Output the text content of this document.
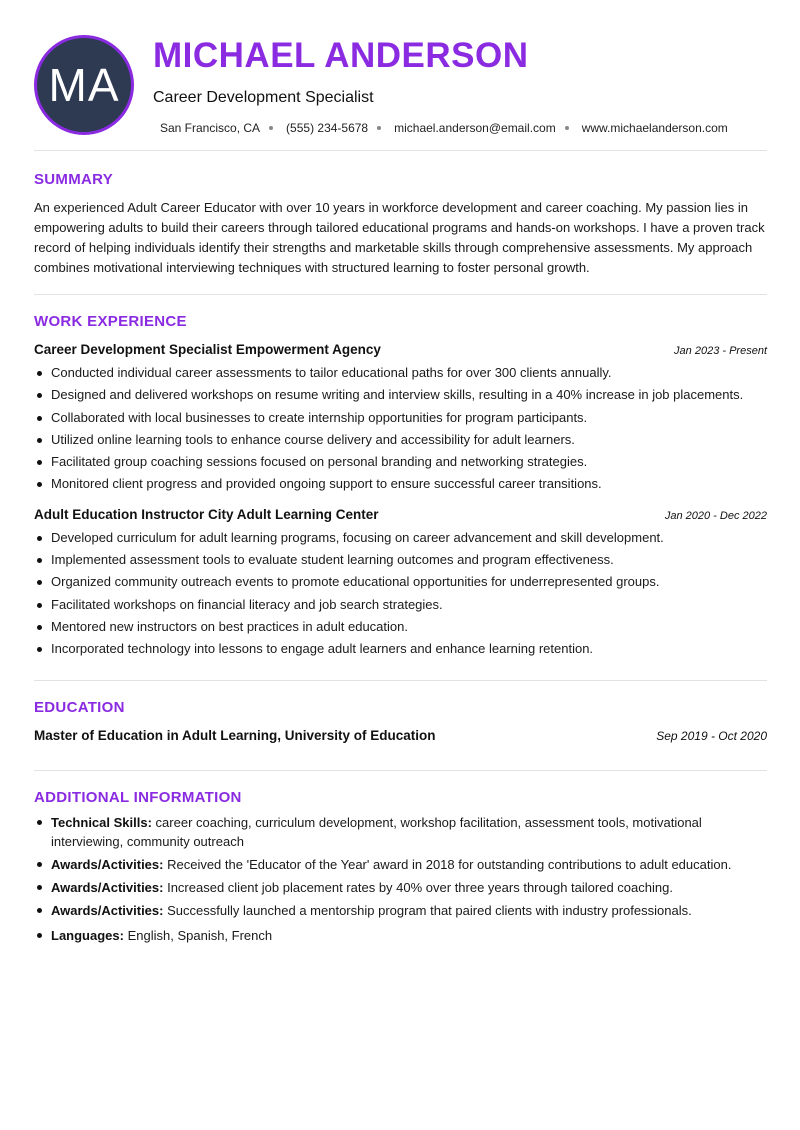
MA
MICHAEL ANDERSON
Career Development Specialist
San Francisco, CA (555) 234-5678 michael.anderson@email.com www.michaelanderson.com
SUMMARY

An experienced Adult Career Educator with over 10 years in workforce development and career coaching. My passion lies in empowering adults to build their careers through tailored educational programs and hands-on workshops. I have a proven track record of helping individuals identify their strengths and marketable skills through comprehensive assessments. My approach combines motivational interviewing techniques with structured learning to foster personal growth.

WORK EXPERIENCE
Career Development Specialist Empowerment Agency	Jan 2023 - Present
Conducted individual career assessments to tailor educational paths for over 300 clients annually.
Designed and delivered workshops on resume writing and interview skills, resulting in a 40% increase in job placements.
Collaborated with local businesses to create internship opportunities for program participants.
Utilized online learning tools to enhance course delivery and accessibility for adult learners.
Facilitated group coaching sessions focused on personal branding and networking strategies.
Monitored client progress and provided ongoing support to ensure successful career transitions.
Adult Education Instructor City Adult Learning Center	Jan 2020 - Dec 2022
Developed curriculum for adult learning programs, focusing on career advancement and skill development.
Implemented assessment tools to evaluate student learning outcomes and program effectiveness.
Organized community outreach events to promote educational opportunities for underrepresented groups.
Facilitated workshops on financial literacy and job search strategies.
Mentored new instructors on best practices in adult education.
Incorporated technology into lessons to engage adult learners and enhance learning retention.
EDUCATION
Master of Education in Adult Learning, University of Education	Sep 2019 - Oct 2020
ADDITIONAL INFORMATION
Technical Skills: career coaching, curriculum development, workshop facilitation, assessment tools, motivational interviewing, community outreach
Awards/Activities: Received the 'Educator of the Year' award in 2018 for outstanding contributions to adult education.
Awards/Activities: Increased client job placement rates by 40% over three years through tailored coaching.
Awards/Activities: Successfully launched a mentorship program that paired clients with industry professionals.
Languages: English, Spanish, French
